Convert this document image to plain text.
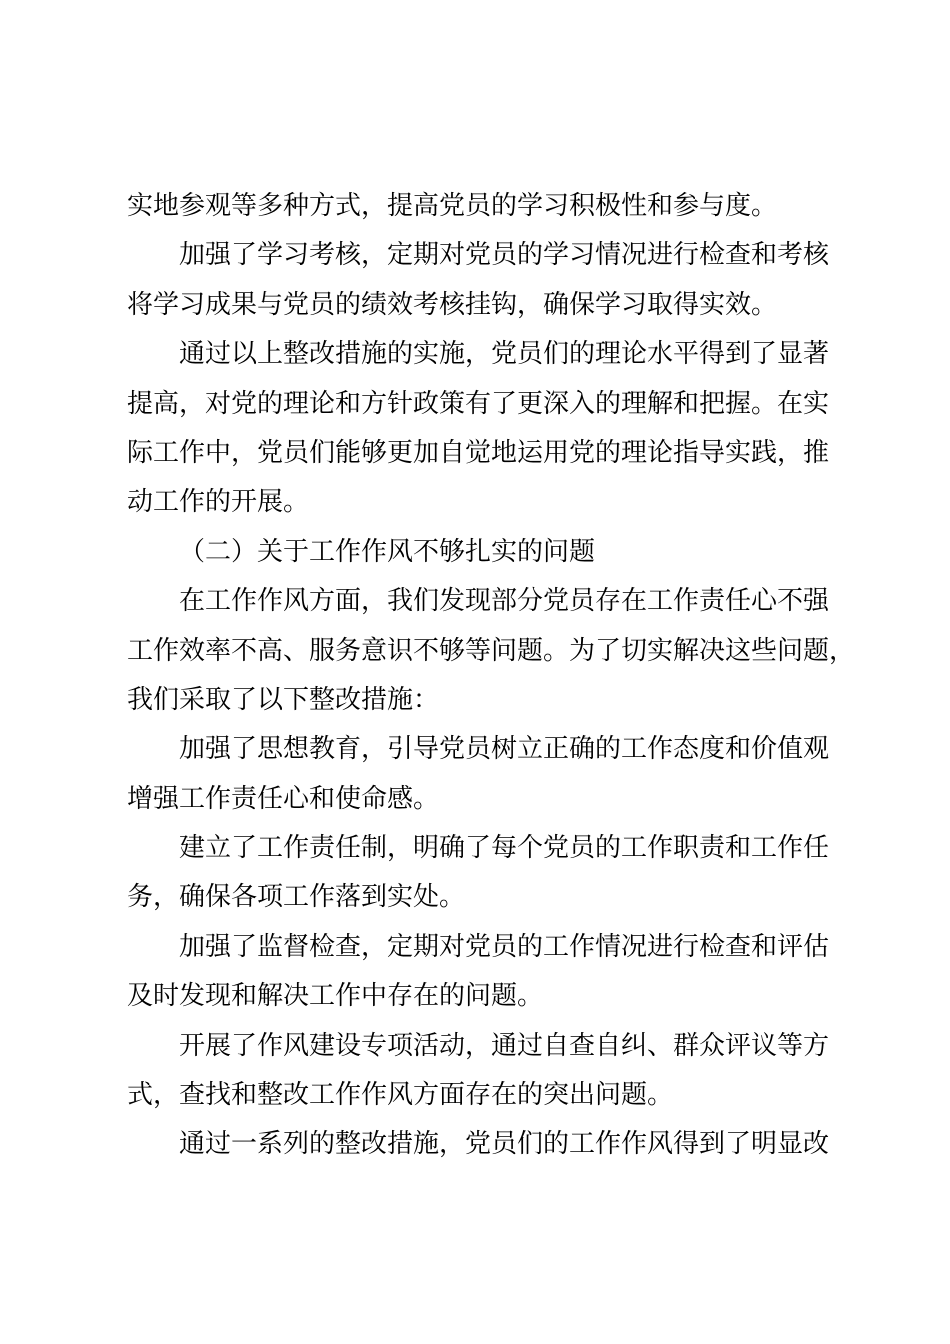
实地参观等多种方式，提高党员的学习积极性和参与度。
加强了学习考核，定期对党员的学习情况进行检查和考核
将学习成果与党员的绩效考核挂钩，确保学习取得实效。
通过以上整改措施的实施，党员们的理论水平得到了显著
提高，对党的理论和方针政策有了更深入的理解和把握。在实
际工作中，党员们能够更加自觉地运用党的理论指导实践，推
动工作的开展。
（二）关于工作作风不够扎实的问题
在工作作风方面，我们发现部分党员存在工作责任心不强
工作效率不高、服务意识不够等问题。为了切实解决这些问题，
我们采取了以下整改措施：
加强了思想教育，引导党员树立正确的工作态度和价值观
增强工作责任心和使命感。
建立了工作责任制，明确了每个党员的工作职责和工作任
务，确保各项工作落到实处。
加强了监督检查，定期对党员的工作情况进行检查和评估
及时发现和解决工作中存在的问题。
开展了作风建设专项活动，通过自查自纠、群众评议等方
式，查找和整改工作作风方面存在的突出问题。
通过一系列的整改措施，党员们的工作作风得到了明显改
